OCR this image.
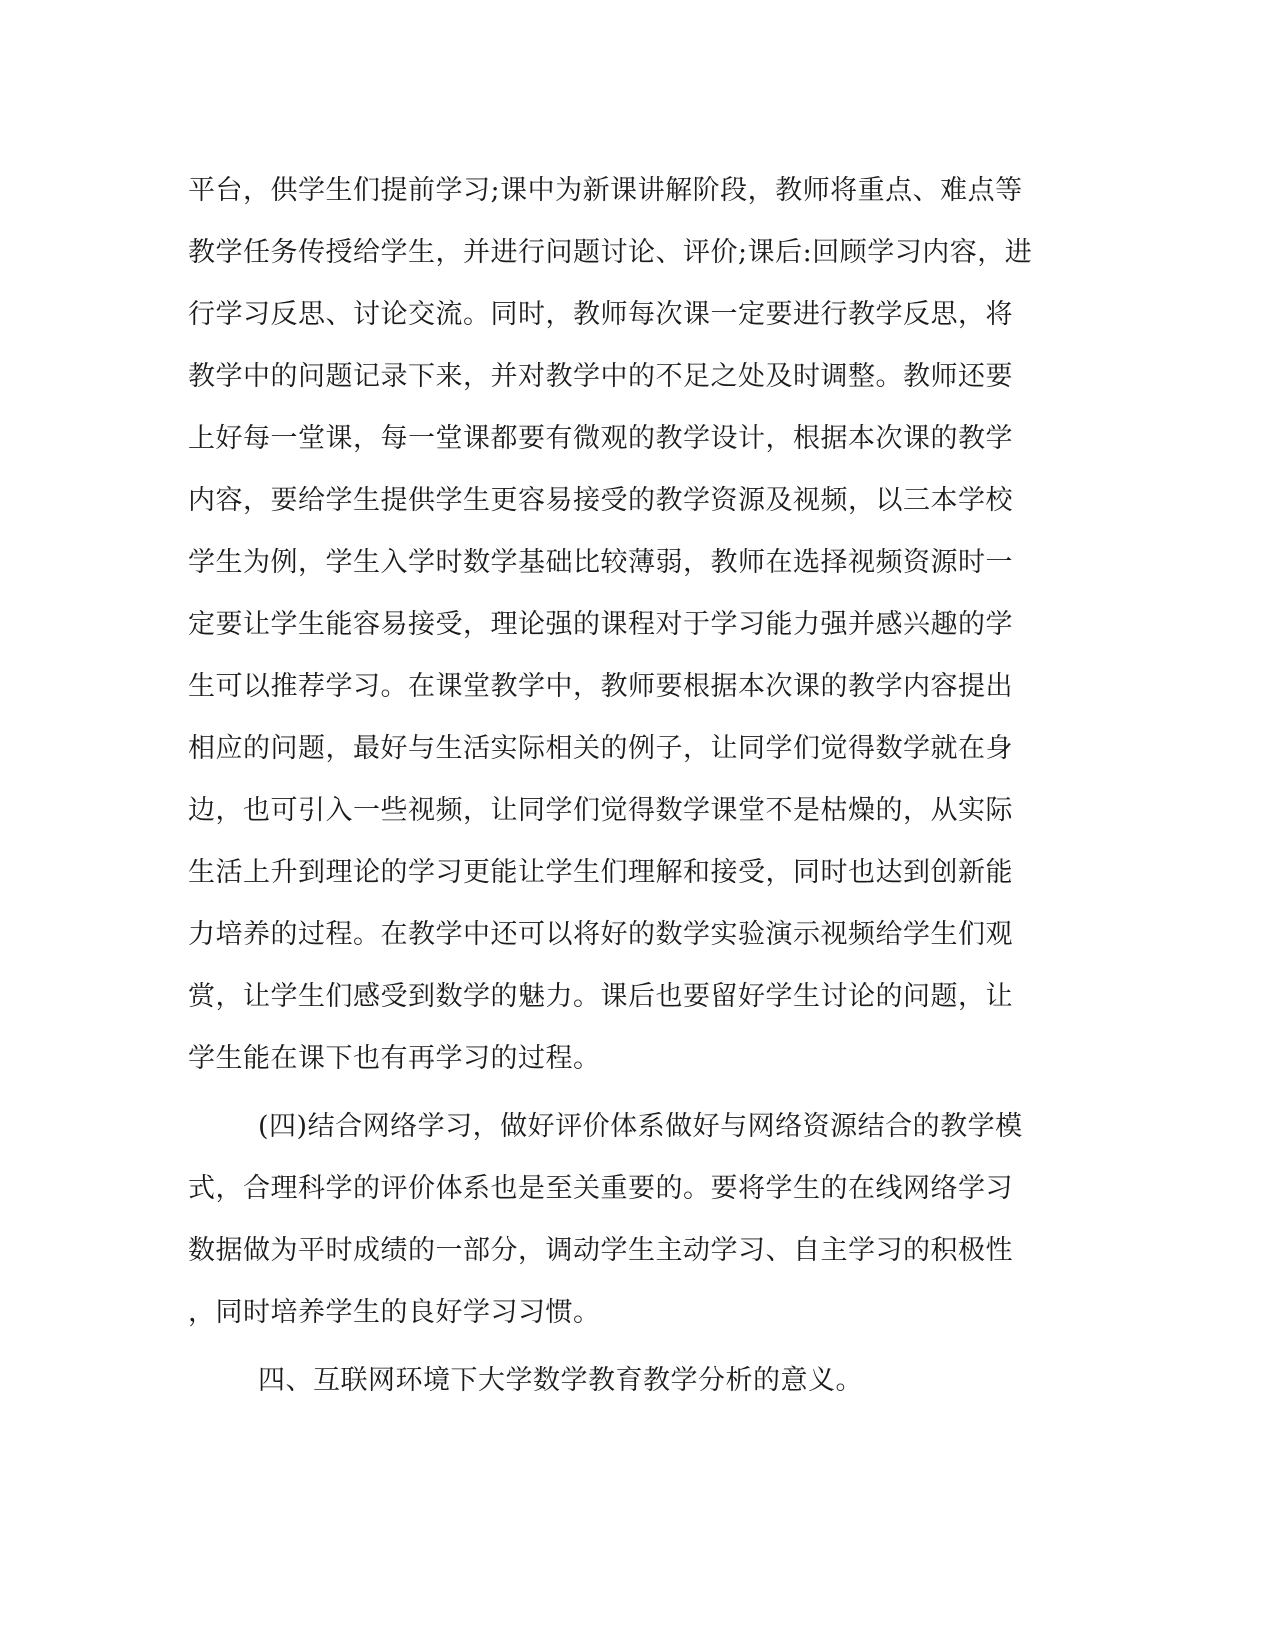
平台，供学生们提前学习;课中为新课讲解阶段，教师将重点、难点等
教学任务传授给学生，并进行问题讨论、评价;课后:回顾学习内容，进
行学习反思、讨论交流。同时，教师每次课一定要进行教学反思，将
教学中的问题记录下来，并对教学中的不足之处及时调整。教师还要
上好每一堂课，每一堂课都要有微观的教学设计，根据本次课的教学
内容，要给学生提供学生更容易接受的教学资源及视频，以三本学校
学生为例，学生入学时数学基础比较薄弱，教师在选择视频资源时一
定要让学生能容易接受，理论强的课程对于学习能力强并感兴趣的学
生可以推荐学习。在课堂教学中，教师要根据本次课的教学内容提出
相应的问题，最好与生活实际相关的例子，让同学们觉得数学就在身
边，也可引入一些视频，让同学们觉得数学课堂不是枯燥的，从实际
生活上升到理论的学习更能让学生们理解和接受，同时也达到创新能
力培养的过程。在教学中还可以将好的数学实验演示视频给学生们观
赏，让学生们感受到数学的魅力。课后也要留好学生讨论的问题，让
学生能在课下也有再学习的过程。
(四)结合网络学习，做好评价体系做好与网络资源结合的教学模
式，合理科学的评价体系也是至关重要的。要将学生的在线网络学习
数据做为平时成绩的一部分，调动学生主动学习、自主学习的积极性
，同时培养学生的良好学习习惯。
四、互联网环境下大学数学教育教学分析的意义。
